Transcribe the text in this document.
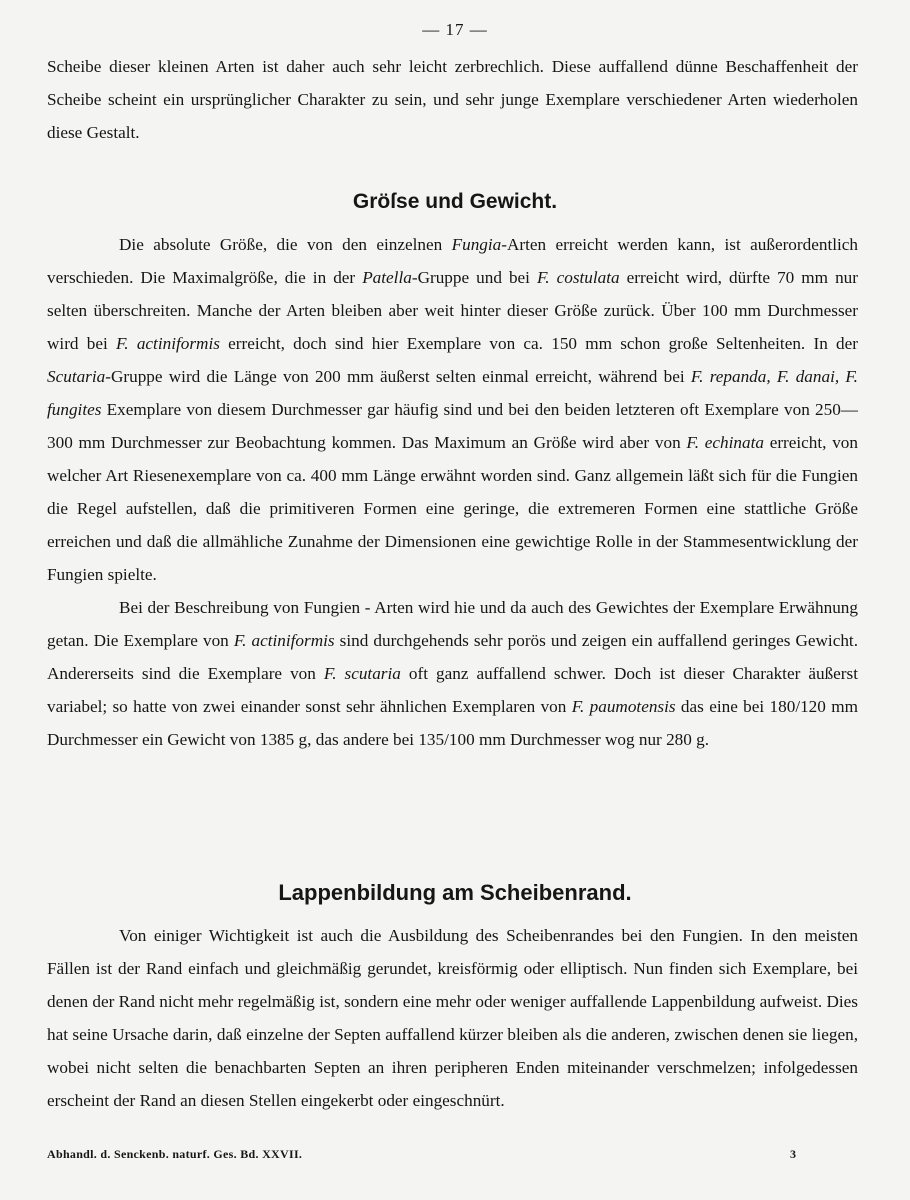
— 17 —

Scheibe dieser kleinen Arten ist daher auch sehr leicht zerbrechlich. Diese auffallend dünne Beschaffenheit der Scheibe scheint ein ursprünglicher Charakter zu sein, und sehr junge Exemplare verschiedener Arten wiederholen diese Gestalt.

Gröſse und Gewicht.

Die absolute Größe, die von den einzelnen Fungia-Arten erreicht werden kann, ist außerordentlich verschieden. Die Maximalgröße, die in der Patella-Gruppe und bei F. costulata erreicht wird, dürfte 70 mm nur selten überschreiten. Manche der Arten bleiben aber weit hinter dieser Größe zurück. Über 100 mm Durchmesser wird bei F. actiniformis erreicht, doch sind hier Exemplare von ca. 150 mm schon große Seltenheiten. In der Scutaria-Gruppe wird die Länge von 200 mm äußerst selten einmal erreicht, während bei F. repanda, F. danai, F. fungites Exemplare von diesem Durchmesser gar häufig sind und bei den beiden letzteren oft Exemplare von 250—300 mm Durchmesser zur Beobachtung kommen. Das Maximum an Größe wird aber von F. echinata erreicht, von welcher Art Riesenexemplare von ca. 400 mm Länge erwähnt worden sind. Ganz allgemein läßt sich für die Fungien die Regel aufstellen, daß die primitiveren Formen eine geringe, die extremeren Formen eine stattliche Größe erreichen und daß die allmähliche Zunahme der Dimensionen eine gewichtige Rolle in der Stammesentwicklung der Fungien spielte.

Bei der Beschreibung von Fungien - Arten wird hie und da auch des Gewichtes der Exemplare Erwähnung getan. Die Exemplare von F. actiniformis sind durchgehends sehr porös und zeigen ein auffallend geringes Gewicht. Andererseits sind die Exemplare von F. scutaria oft ganz auffallend schwer. Doch ist dieser Charakter äußerst variabel; so hatte von zwei einander sonst sehr ähnlichen Exemplaren von F. paumotensis das eine bei 180/120 mm Durchmesser ein Gewicht von 1385 g, das andere bei 135/100 mm Durchmesser wog nur 280 g.

Lappenbildung am Scheibenrand.

Von einiger Wichtigkeit ist auch die Ausbildung des Scheibenrandes bei den Fungien. In den meisten Fällen ist der Rand einfach und gleichmäßig gerundet, kreisförmig oder elliptisch. Nun finden sich Exemplare, bei denen der Rand nicht mehr regelmäßig ist, sondern eine mehr oder weniger auffallende Lappenbildung aufweist. Dies hat seine Ursache darin, daß einzelne der Septen auffallend kürzer bleiben als die anderen, zwischen denen sie liegen, wobei nicht selten die benachbarten Septen an ihren peripheren Enden miteinander verschmelzen; infolgedessen erscheint der Rand an diesen Stellen eingekerbt oder eingeschnürt.

Abhandl. d. Senckenb. naturf. Ges. Bd. XXVII.	3
